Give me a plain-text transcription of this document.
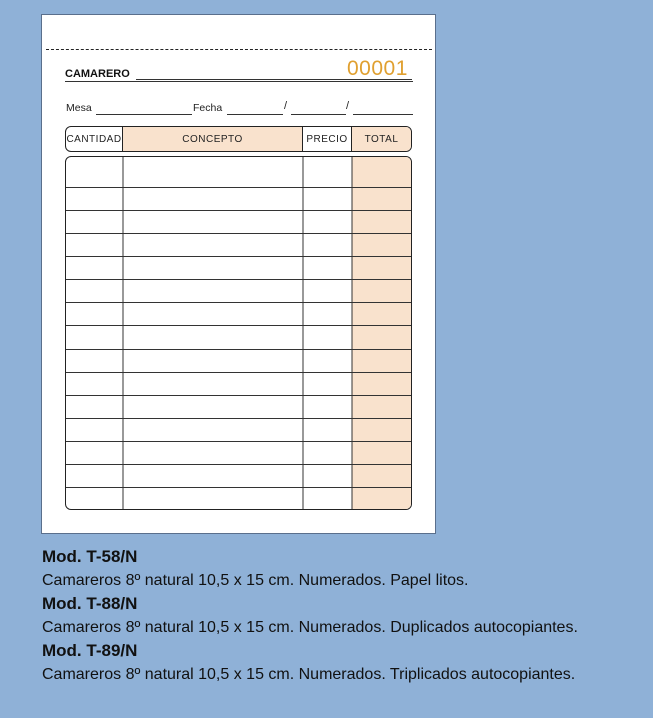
00001
CAMARERO
Mesa	Fecha	/	/
CANTIDAD	CONCEPTO	PRECIO	TOTAL
Mod. T-58/N
Camareros 8º natural 10,5 x 15 cm. Numerados. Papel litos.
Mod. T-88/N
Camareros 8º natural 10,5 x 15 cm. Numerados. Duplicados autocopiantes.
Mod. T-89/N
Camareros 8º natural 10,5 x 15 cm. Numerados. Triplicados autocopiantes.
